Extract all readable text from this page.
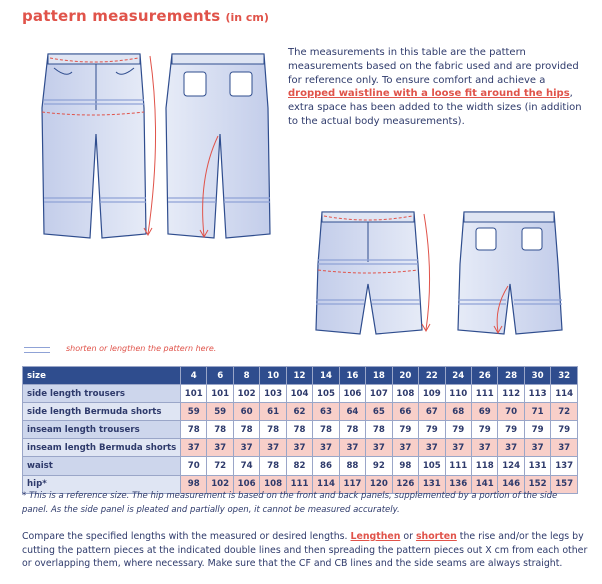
pattern measurements (in cm)
The measurements in this table are the pattern measurements based on the fabric used and are provided for reference only. To ensure comfort and achieve a dropped waistline with a loose fit around the hips, extra space has been added to the width sizes (in addition to the actual body measurements).
shorten or lengthen the pattern here.
size	4	6	8	10	12	14	16	18	20	22	24	26	28	30	32
side length trousers	101	101	102	103	104	105	106	107	108	109	110	111	112	113	114
side length Bermuda shorts	59	59	60	61	62	63	64	65	66	67	68	69	70	71	72
inseam length trousers	78	78	78	78	78	78	78	78	79	79	79	79	79	79	79
inseam length Bermuda shorts	37	37	37	37	37	37	37	37	37	37	37	37	37	37	37
waist	70	72	74	78	82	86	88	92	98	105	111	118	124	131	137
hip*	98	102	106	108	111	114	117	120	126	131	136	141	146	152	157
* This is a reference size. The hip measurement is based on the front and back panels, supplemented by a portion of the side panel. As the side panel is pleated and partially open, it cannot be measured accurately.
Compare the specified lengths with the measured or desired lengths. Lengthen or shorten the rise and/or the legs by cutting the pattern pieces at the indicated double lines and then spreading the pattern pieces out X cm from each other or overlapping them, where necessary. Make sure that the CF and CB lines and the side seams are always straight.
